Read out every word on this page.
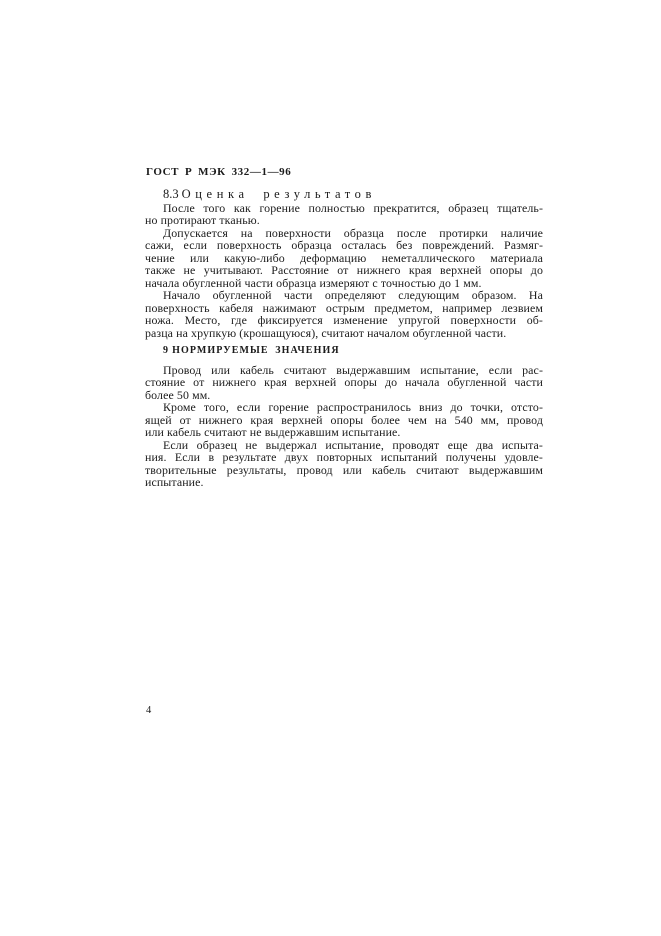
ГОСТ Р МЭК 332—1—96
8.3 Оценка результатов

После того как горение полностью прекратится, образец тщатель-
но протирают тканью.

Допускается на поверхности образца после протирки наличие
сажи, если поверхность образца осталась без повреждений. Размяг-
чение или какую-либо деформацию неметаллического материала
также не учитывают. Расстояние от нижнего края верхней опоры до
начала обугленной части образца измеряют с точностью до 1 мм.

Начало обугленной части определяют следующим образом. На
поверхность кабеля нажимают острым предметом, например лезвием
ножа. Место, где фиксируется изменение упругой поверхности об-
разца на хрупкую (крошащуюся), считают началом обугленной части.

9 НОРМИРУЕМЫЕ ЗНАЧЕНИЯ

Провод или кабель считают выдержавшим испытание, если рас-
стояние от нижнего края верхней опоры до начала обугленной части
более 50 мм.

Кроме того, если горение распространилось вниз до точки, отсто-
ящей от нижнего края верхней опоры более чем на 540 мм, провод
или кабель считают не выдержавшим испытание.

Если образец не выдержал испытание, проводят еще два испыта-
ния. Если в результате двух повторных испытаний получены удовле-
творительные результаты, провод или кабель считают выдержавшим
испытание.

4
